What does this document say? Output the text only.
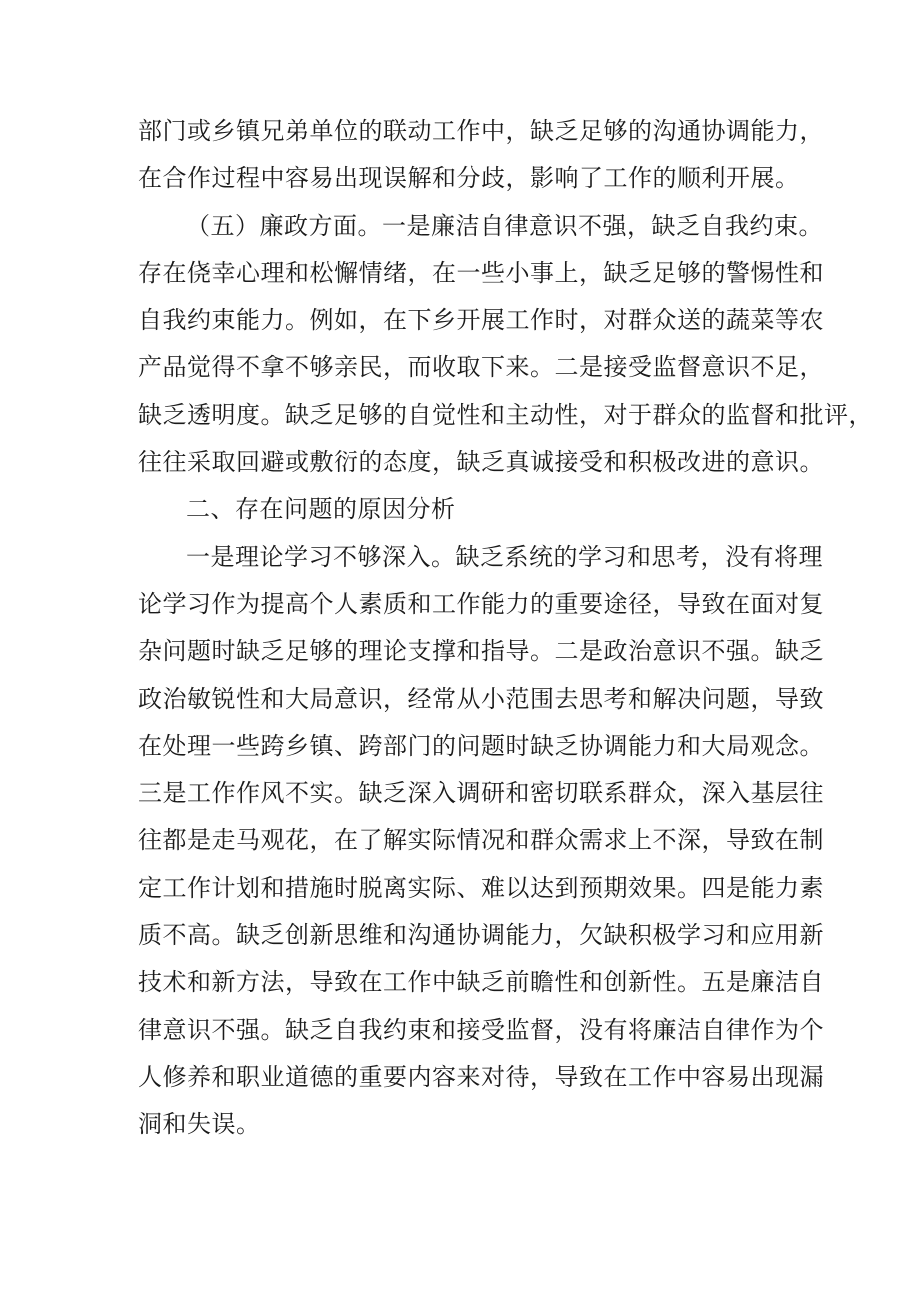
部门或乡镇兄弟单位的联动工作中，缺乏足够的沟通协调能力，
在合作过程中容易出现误解和分歧，影响了工作的顺利开展。
（五）廉政方面。一是廉洁自律意识不强，缺乏自我约束。
存在侥幸心理和松懈情绪，在一些小事上，缺乏足够的警惕性和
自我约束能力。例如，在下乡开展工作时，对群众送的蔬菜等农
产品觉得不拿不够亲民，而收取下来。二是接受监督意识不足，
缺乏透明度。缺乏足够的自觉性和主动性，对于群众的监督和批评，
往往采取回避或敷衍的态度，缺乏真诚接受和积极改进的意识。
二、存在问题的原因分析
一是理论学习不够深入。缺乏系统的学习和思考，没有将理
论学习作为提高个人素质和工作能力的重要途径，导致在面对复
杂问题时缺乏足够的理论支撑和指导。二是政治意识不强。缺乏
政治敏锐性和大局意识，经常从小范围去思考和解决问题，导致
在处理一些跨乡镇、跨部门的问题时缺乏协调能力和大局观念。
三是工作作风不实。缺乏深入调研和密切联系群众，深入基层往
往都是走马观花，在了解实际情况和群众需求上不深，导致在制
定工作计划和措施时脱离实际、难以达到预期效果。四是能力素
质不高。缺乏创新思维和沟通协调能力，欠缺积极学习和应用新
技术和新方法，导致在工作中缺乏前瞻性和创新性。五是廉洁自
律意识不强。缺乏自我约束和接受监督，没有将廉洁自律作为个
人修养和职业道德的重要内容来对待，导致在工作中容易出现漏
洞和失误。
